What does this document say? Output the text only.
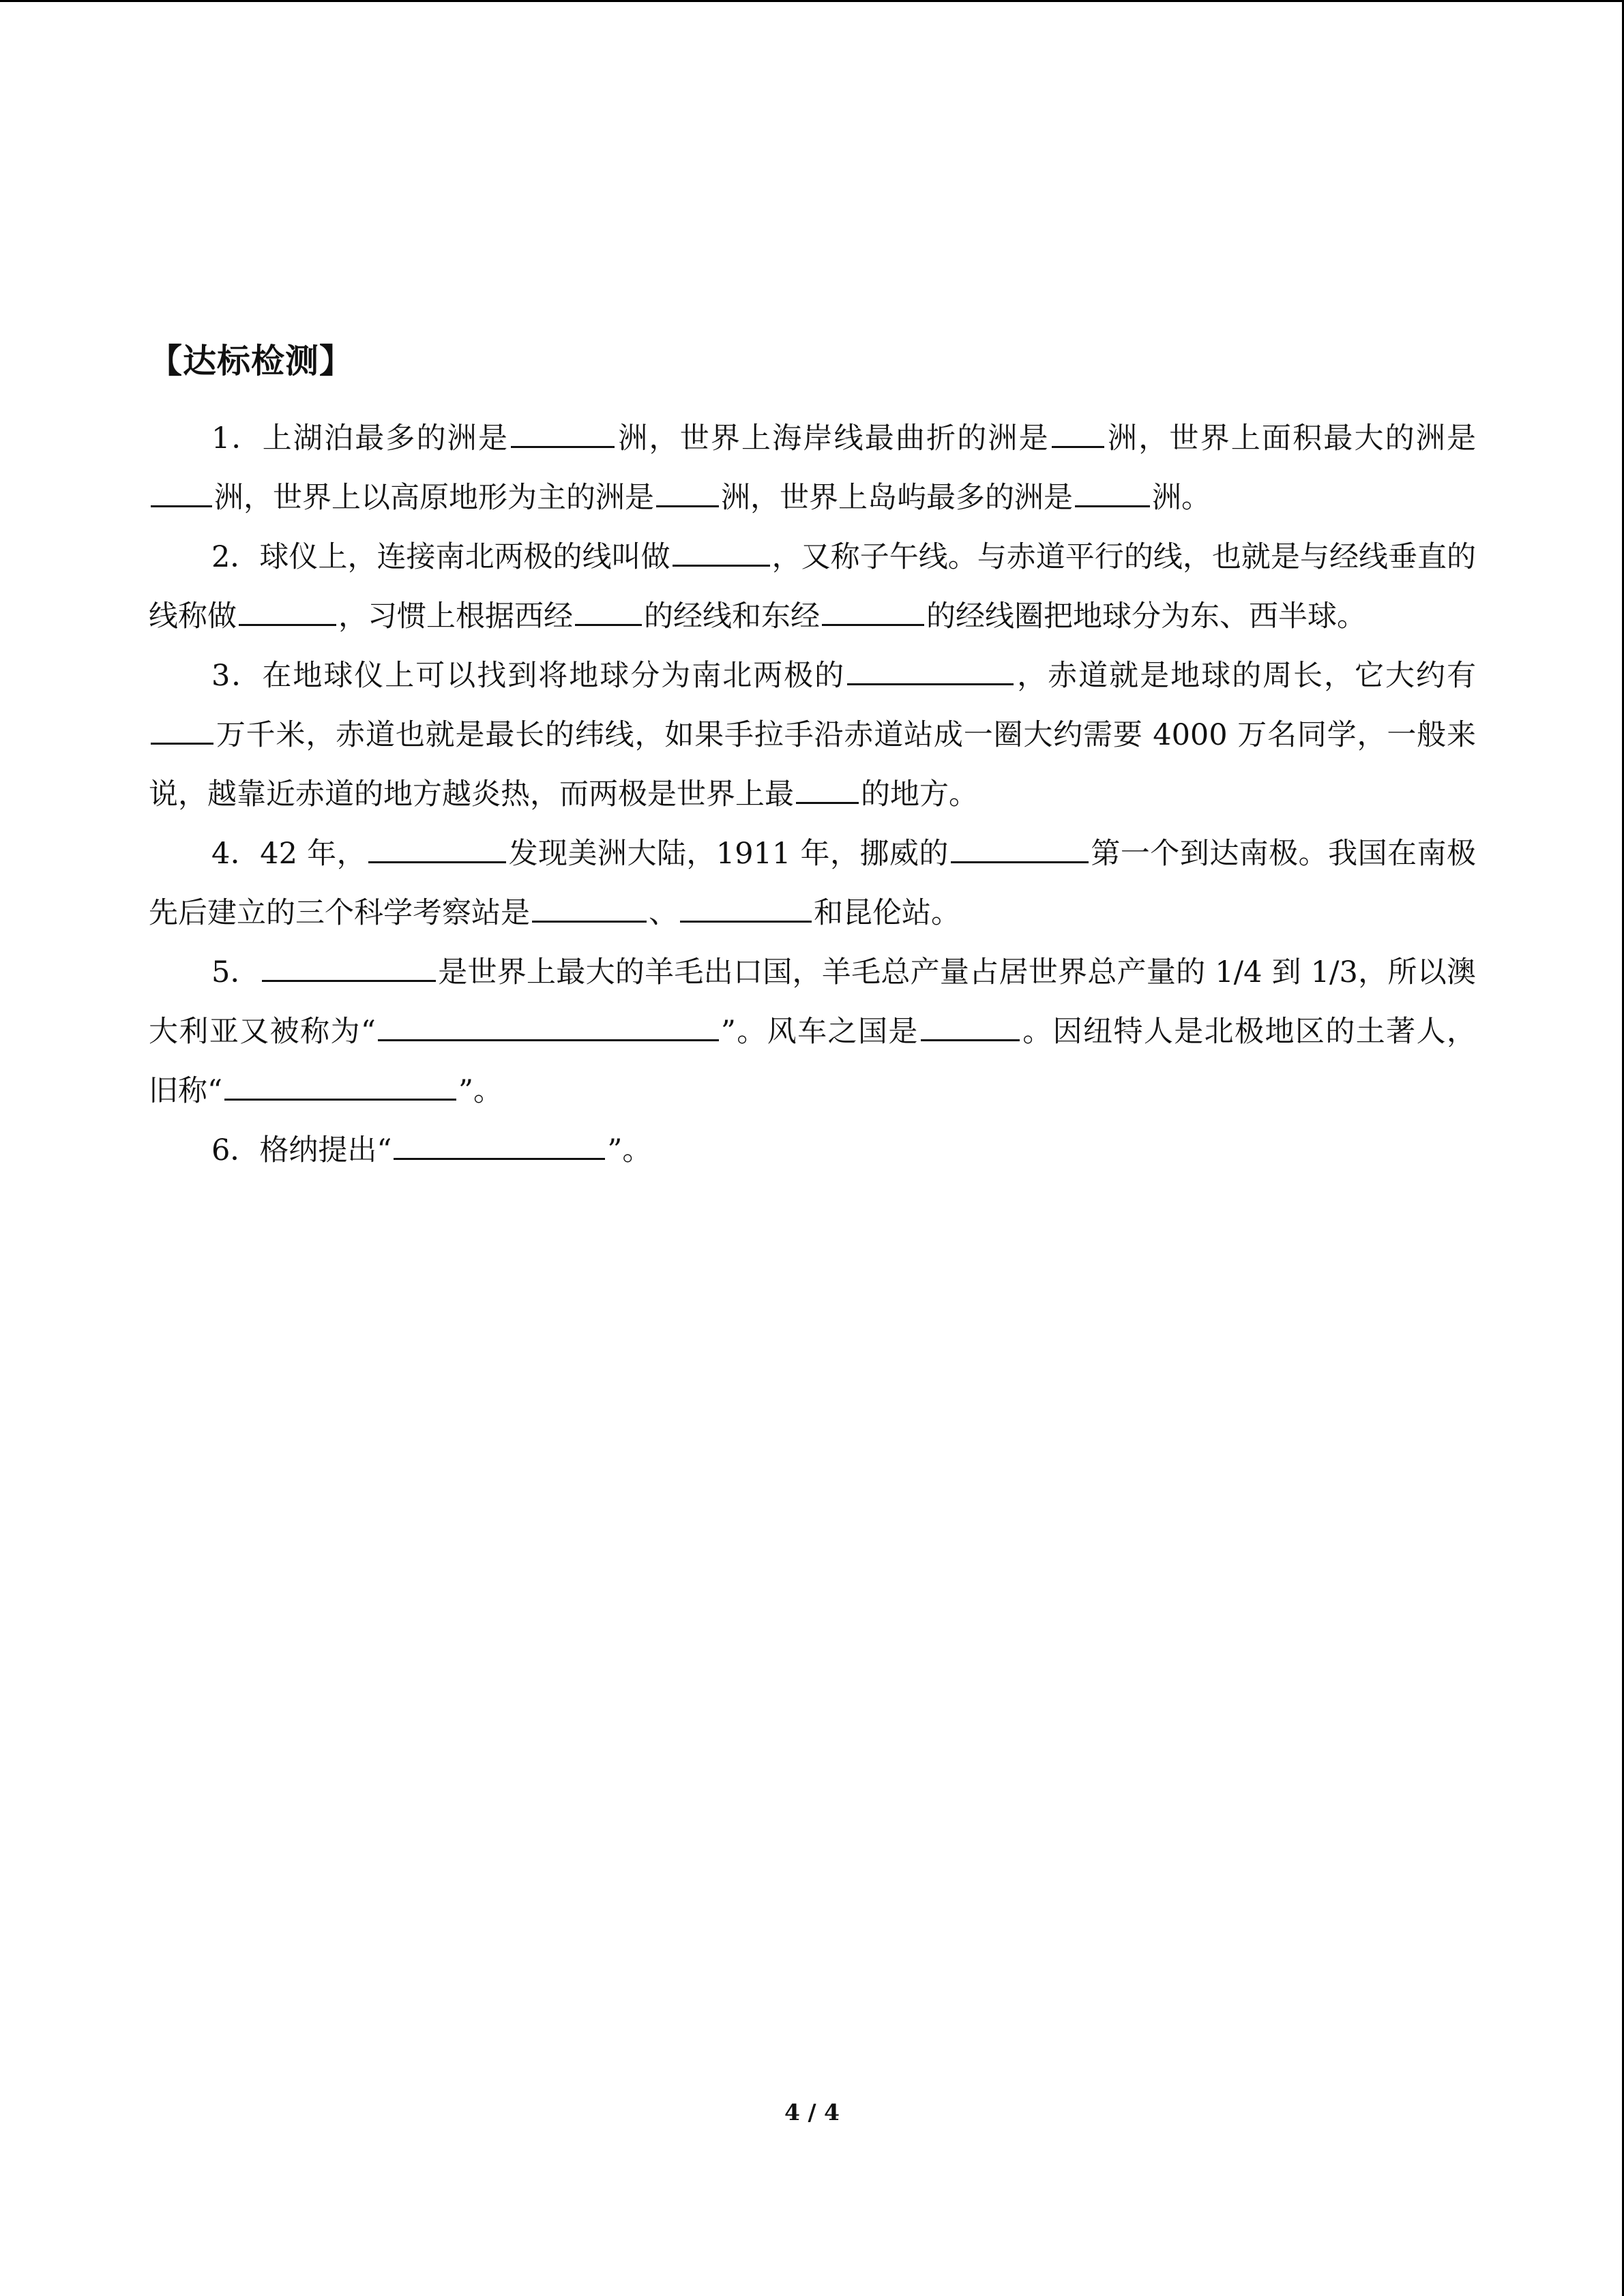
【达标检测】

1．上湖泊最多的洲是	洲，世界上海岸线最曲折的洲是 洲，世界上面积最大的洲是洲，世界上以高原地形为主的洲是 洲，世界上岛屿最多的洲是	洲。

2．球仪上，连接南北两极的线叫做	，又称子午线。与赤道平行的线，也就是与经线垂直的线称做	，习惯上根据西经 的经线和东经	的经线圈把地球分为东、西半球。

3．在地球仪上可以找到将地球分为南北两极的	，赤道就是地球的周长，它大约有万千米，赤道也就是最长的纬线，如果手拉手沿赤道站成一圈大约需要 4000 万名同学，一般来说，越靠近赤道的地方越炎热，而两极是世界上最 的地方。

4．42 年，	发现美洲大陆，1911 年，挪威的	第一个到达南极。我国在南极先后建立的三个科学考察站是	、	和昆伦站。

5．	是世界上最大的羊毛出口国，羊毛总产量占居世界总产量的 1/4 到 1/3，所以澳大利亚又被称为“	”。风车之国是	。因纽特人是北极地区的土著人，旧称“	”。

6．格纳提出“	”。

4 / 4
